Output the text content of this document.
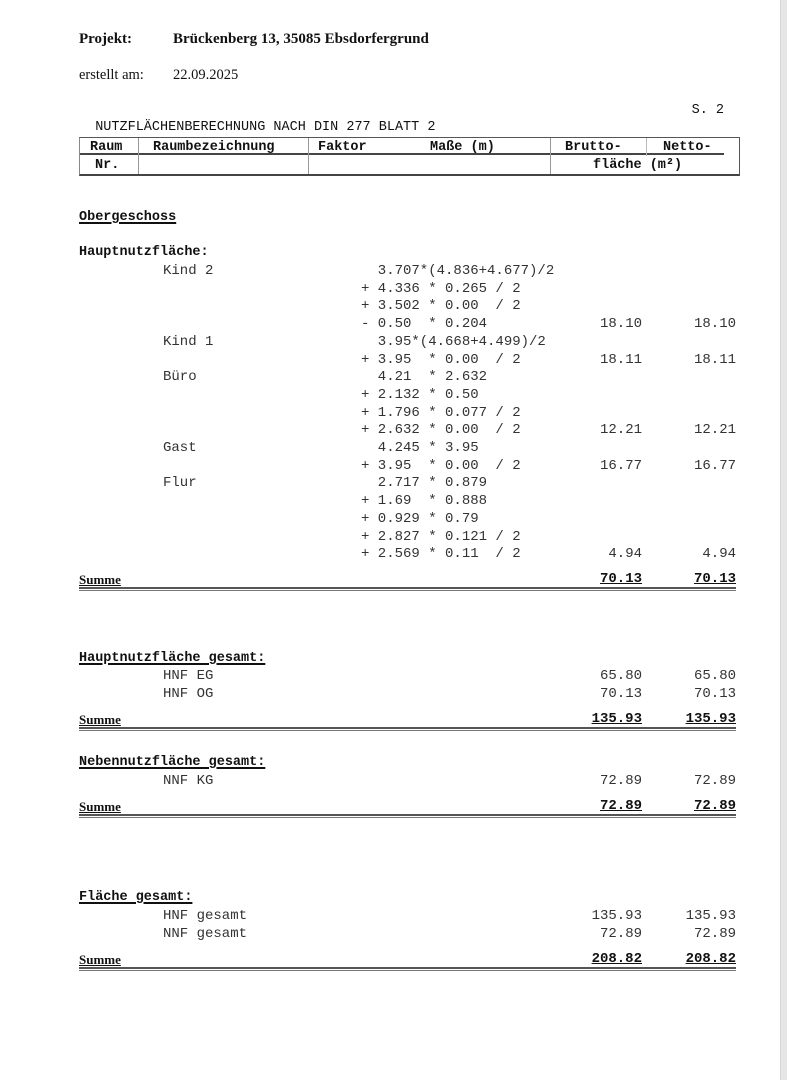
Projekt:	Brückenberg 13, 35085 Ebsdorfergrund
erstellt am: 22.09.2025

NUTZFLÄCHENBERECHNUNG NACH DIN 277 BLATT 2

S. 2

Raum
Nr.
Raumbezeichnung	Faktor	Maße (m)	Brutto-	Netto-
fläche (m²)
Obergeschoss
Hauptnutzfläche:
Kind 2	3.707*(4.836+4.677)/2
+ 4.336 * 0.265 / 2
+ 3.502 * 0.00  / 2
- 0.50  * 0.204	18.10	18.10
Kind 1	3.95*(4.668+4.499)/2
+ 3.95  * 0.00  / 2	18.11	18.11
Büro	4.21  * 2.632
+ 2.132 * 0.50
+ 1.796 * 0.077 / 2
+ 2.632 * 0.00  / 2	12.21	12.21
Gast	4.245 * 3.95
+ 3.95  * 0.00  / 2	16.77	16.77
Flur	2.717 * 0.879
+ 1.69  * 0.888
+ 0.929 * 0.79
+ 2.827 * 0.121 / 2
+ 2.569 * 0.11  / 2	4.94	4.94
Summe	70.13	70.13
Hauptnutzfläche gesamt:
HNF EG	65.80	65.80
HNF OG	70.13	70.13
Summe	135.93	135.93
Nebennutzfläche gesamt:
NNF KG	72.89	72.89
Summe	72.89	72.89
Fläche gesamt:
HNF gesamt	135.93	135.93
NNF gesamt	72.89	72.89
Summe	208.82	208.82
